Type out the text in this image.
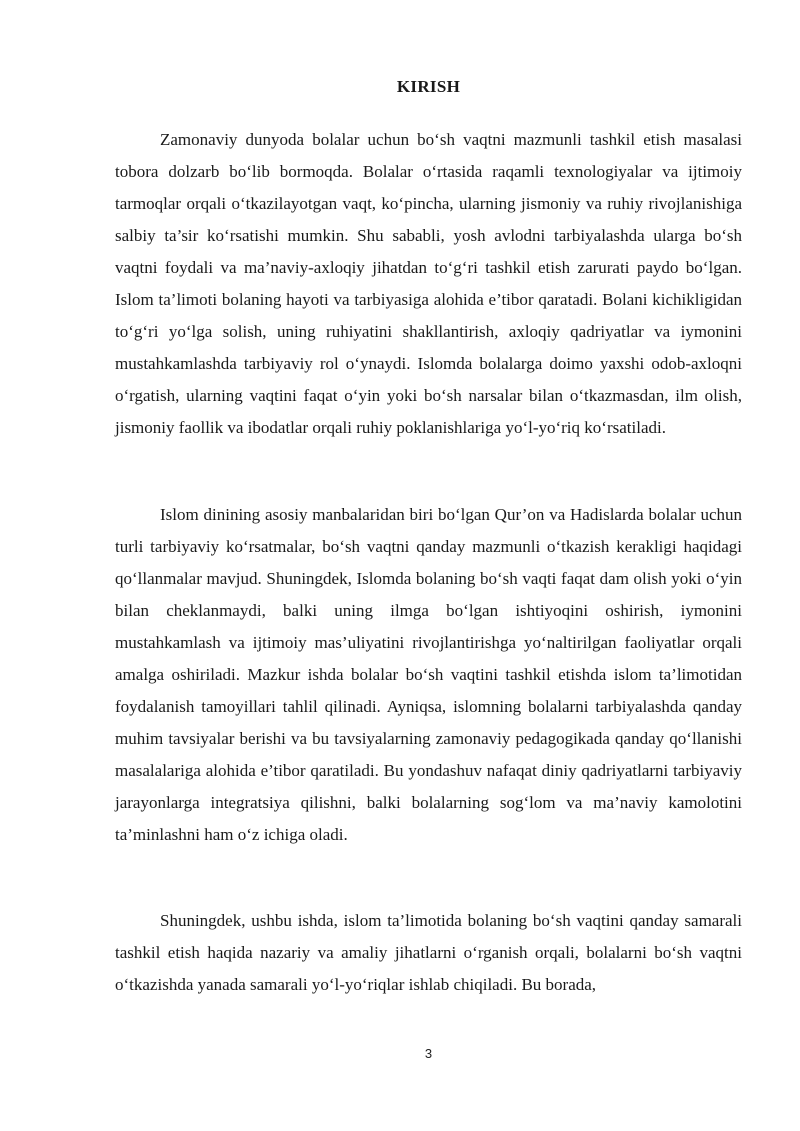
KIRISH

Zamonaviy dunyoda bolalar uchun bo‘sh vaqtni mazmunli tashkil etish masalasi tobora dolzarb bo‘lib bormoqda. Bolalar o‘rtasida raqamli texnologiyalar va ijtimoiy tarmoqlar orqali o‘tkazilayotgan vaqt, ko‘pincha, ularning jismoniy va ruhiy rivojlanishiga salbiy ta’sir ko‘rsatishi mumkin. Shu sababli, yosh avlodni tarbiyalashda ularga bo‘sh vaqtni foydali va ma’naviy-axloqiy jihatdan to‘g‘ri tashkil etish zarurati paydo bo‘lgan. Islom ta’limoti bolaning hayoti va tarbiyasiga alohida e’tibor qaratadi. Bolani kichikligidan to‘g‘ri yo‘lga solish, uning ruhiyatini shakllantirish, axloqiy qadriyatlar va iymonini mustahkamlashda tarbiyaviy rol o‘ynaydi. Islomda bolalarga doimo yaxshi odob-axloqni o‘rgatish, ularning vaqtini faqat o‘yin yoki bo‘sh narsalar bilan o‘tkazmasdan, ilm olish, jismoniy faollik va ibodatlar orqali ruhiy poklanishlariga yo‘l-yo‘riq ko‘rsatiladi.

Islom dinining asosiy manbalaridan biri bo‘lgan Qur’on va Hadislarda bolalar uchun turli tarbiyaviy ko‘rsatmalar, bo‘sh vaqtni qanday mazmunli o‘tkazish kerakligi haqidagi qo‘llanmalar mavjud. Shuningdek, Islomda bolaning bo‘sh vaqti faqat dam olish yoki o‘yin bilan cheklanmaydi, balki uning ilmga bo‘lgan ishtiyoqini oshirish, iymonini mustahkamlash va ijtimoiy mas’uliyatini rivojlantirishga yo‘naltirilgan faoliyatlar orqali amalga oshiriladi. Mazkur ishda bolalar bo‘sh vaqtini tashkil etishda islom ta’limotidan foydalanish tamoyillari tahlil qilinadi. Ayniqsa, islomning bolalarni tarbiyalashda qanday muhim tavsiyalar berishi va bu tavsiyalarning zamonaviy pedagogikada qanday qo‘llanishi masalalariga alohida e’tibor qaratiladi. Bu yondashuv nafaqat diniy qadriyatlarni tarbiyaviy jarayonlarga integratsiya qilishni, balki bolalarning sog‘lom va ma’naviy kamolotini ta’minlashni ham o‘z ichiga oladi.

Shuningdek, ushbu ishda, islom ta’limotida bolaning bo‘sh vaqtini qanday samarali tashkil etish haqida nazariy va amaliy jihatlarni o‘rganish orqali, bolalarni bo‘sh vaqtni o‘tkazishda yanada samarali yo‘l-yo‘riqlar ishlab chiqiladi. Bu borada,

3
